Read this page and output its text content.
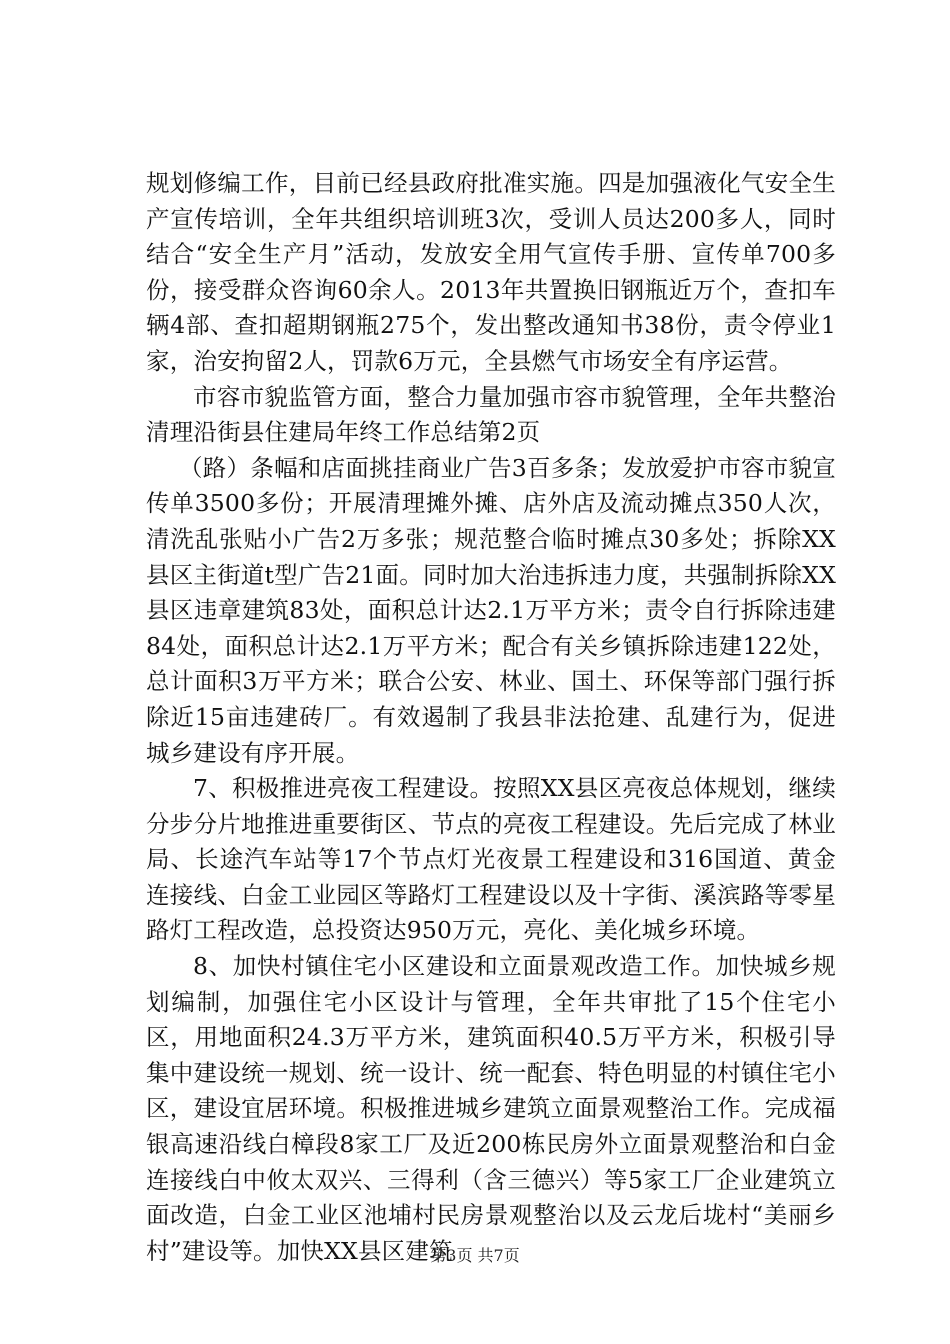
规划修编工作，目前已经县政府批准实施。四是加强液化气安全生产宣传培训，全年共组织培训班3次，受训人员达200多人，同时结合“安全生产月”活动，发放安全用气宣传手册、宣传单700多份，接受群众咨询60余人。2013年共置换旧钢瓶近万个，查扣车辆4部、查扣超期钢瓶275个，发出整改通知书38份，责令停业1家，治安拘留2人，罚款6万元，全县燃气市场安全有序运营。

市容市貌监管方面，整合力量加强市容市貌管理，全年共整治清理沿街县住建局年终工作总结第2页

（路）条幅和店面挑挂商业广告3百多条；发放爱护市容市貌宣传单3500多份；开展清理摊外摊、店外店及流动摊点350人次，清洗乱张贴小广告2万多张；规范整合临时摊点30多处；拆除XX县区主街道t型广告21面。同时加大治违拆违力度，共强制拆除XX县区违章建筑83处，面积总计达2.1万平方米；责令自行拆除违建84处，面积总计达2.1万平方米；配合有关乡镇拆除违建122处，总计面积3万平方米；联合公安、林业、国土、环保等部门强行拆除近15亩违建砖厂。有效遏制了我县非法抢建、乱建行为，促进城乡建设有序开展。

7、积极推进亮夜工程建设。按照XX县区亮夜总体规划，继续分步分片地推进重要街区、节点的亮夜工程建设。先后完成了林业局、长途汽车站等17个节点灯光夜景工程建设和316国道、黄金连接线、白金工业园区等路灯工程建设以及十字街、溪滨路等零星路灯工程改造，总投资达950万元，亮化、美化城乡环境。

8、加快村镇住宅小区建设和立面景观改造工作。加快城乡规划编制，加强住宅小区设计与管理，全年共审批了15个住宅小区，用地面积24.3万平方米，建筑面积40.5万平方米，积极引导集中建设统一规划、统一设计、统一配套、特色明显的村镇住宅小区，建设宜居环境。积极推进城乡建筑立面景观整治工作。完成福银高速沿线白樟段8家工厂及近200栋民房外立面景观整治和白金连接线白中攸太双兴、三得利（含三德兴）等5家工厂企业建筑立面改造，白金工业区池埔村民房景观整治以及云龙后垅村“美丽乡村”建设等。加快XX县区建筑

第3页 共7页
